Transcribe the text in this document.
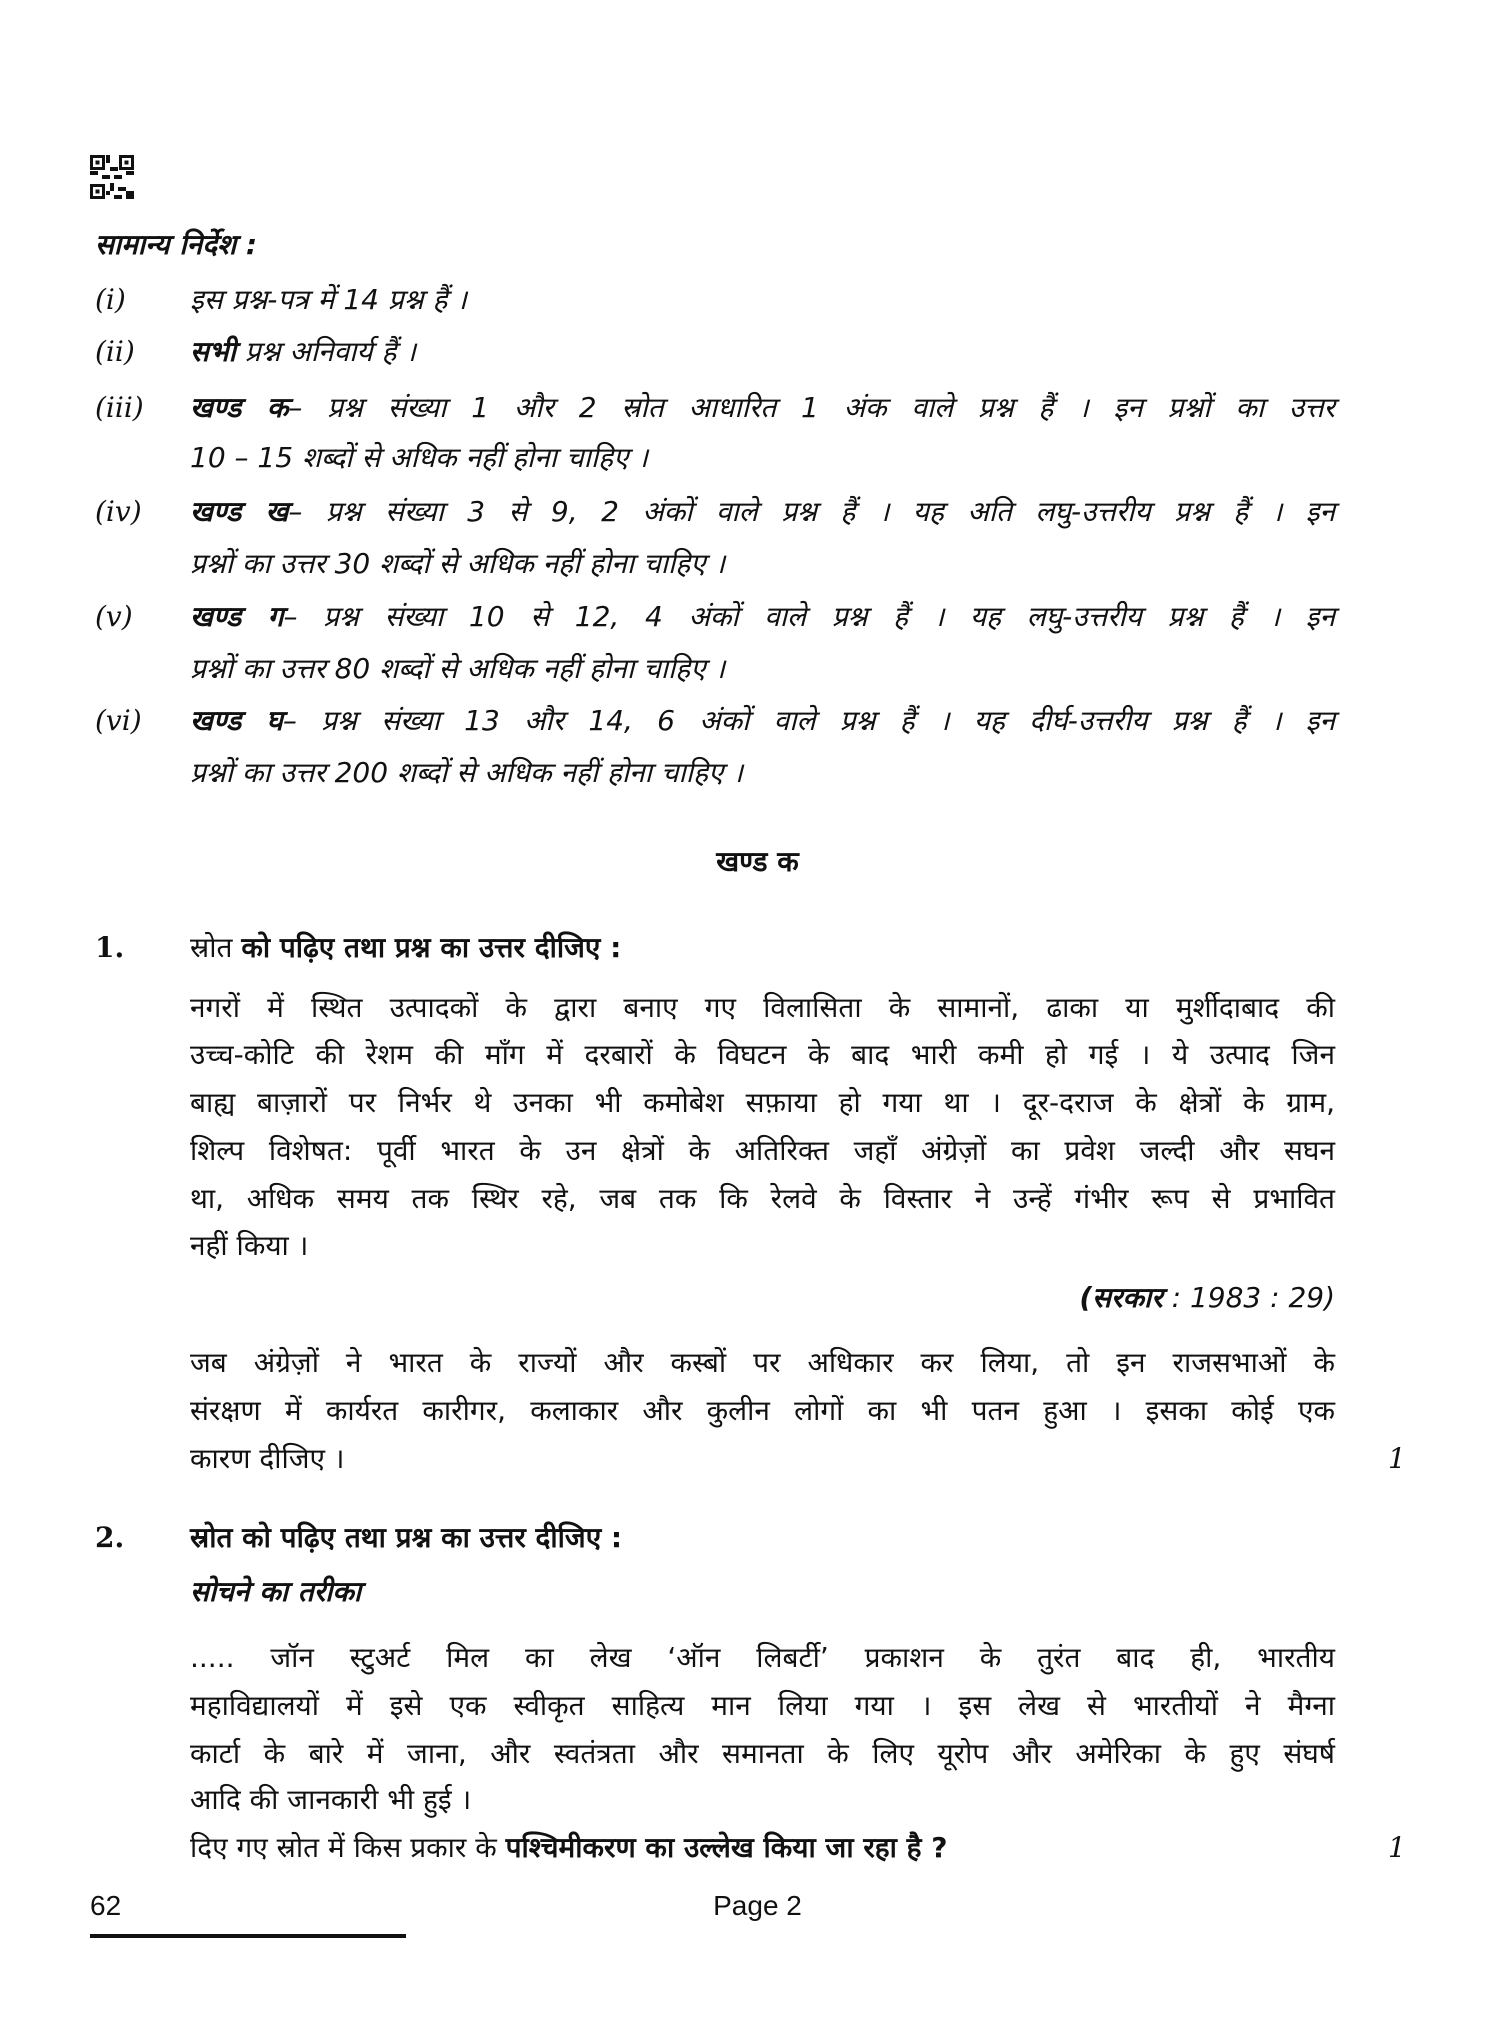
सामान्य निर्देश :
(i) इस प्रश्न-पत्र में 14 प्रश्न हैं ।
(ii) सभी प्रश्न अनिवार्य हैं ।
(iii) खण्ड क– प्रश्न संख्या 1 और 2 स्रोत आधारित 1 अंक वाले प्रश्न हैं । इन प्रश्नों का उत्तर
10 – 15 शब्दों से अधिक नहीं होना चाहिए ।
(iv) खण्ड ख– प्रश्न संख्या 3 से 9, 2 अंकों वाले प्रश्न हैं । यह अति लघु-उत्तरीय प्रश्न हैं । इन
प्रश्नों का उत्तर 30 शब्दों से अधिक नहीं होना चाहिए ।
(v) खण्ड ग– प्रश्न संख्या 10 से 12, 4 अंकों वाले प्रश्न हैं । यह लघु-उत्तरीय प्रश्न हैं । इन
प्रश्नों का उत्तर 80 शब्दों से अधिक नहीं होना चाहिए ।
(vi) खण्ड घ– प्रश्न संख्या 13 और 14, 6 अंकों वाले प्रश्न हैं । यह दीर्घ-उत्तरीय प्रश्न हैं । इन
प्रश्नों का उत्तर 200 शब्दों से अधिक नहीं होना चाहिए ।
खण्ड क
1. स्रोत को पढ़िए तथा प्रश्न का उत्तर दीजिए :
नगरों में स्थित उत्पादकों के द्वारा बनाए गए विलासिता के सामानों, ढाका या मुर्शीदाबाद की
उच्च-कोटि की रेशम की माँग में दरबारों के विघटन के बाद भारी कमी हो गई । ये उत्पाद जिन
बाह्य बाज़ारों पर निर्भर थे उनका भी कमोबेश सफ़ाया हो गया था । दूर-दराज के क्षेत्रों के ग्राम,
शिल्प विशेषत: पूर्वी भारत के उन क्षेत्रों के अतिरिक्त जहाँ अंग्रेज़ों का प्रवेश जल्दी और सघन
था, अधिक समय तक स्थिर रहे, जब तक कि रेलवे के विस्तार ने उन्हें गंभीर रूप से प्रभावित
नहीं किया ।
(सरकार : 1983 : 29)
जब अंग्रेज़ों ने भारत के राज्यों और कस्बों पर अधिकार कर लिया, तो इन राजसभाओं के
संरक्षण में कार्यरत कारीगर, कलाकार और कुलीन लोगों का भी पतन हुआ । इसका कोई एक
कारण दीजिए ।	1
2. स्रोत को पढ़िए तथा प्रश्न का उत्तर दीजिए :
सोचने का तरीका
..... जॉन स्टुअर्ट मिल का लेख ‘ऑन लिबर्टी’ प्रकाशन के तुरंत बाद ही, भारतीय
महाविद्यालयों में इसे एक स्वीकृत साहित्य मान लिया गया । इस लेख से भारतीयों ने मैग्ना
कार्टा के बारे में जाना, और स्वतंत्रता और समानता के लिए यूरोप और अमेरिका के हुए संघर्ष
आदि की जानकारी भी हुई ।
दिए गए स्रोत में किस प्रकार के पश्चिमीकरण का उल्लेख किया जा रहा है ?	1
62	Page 2
